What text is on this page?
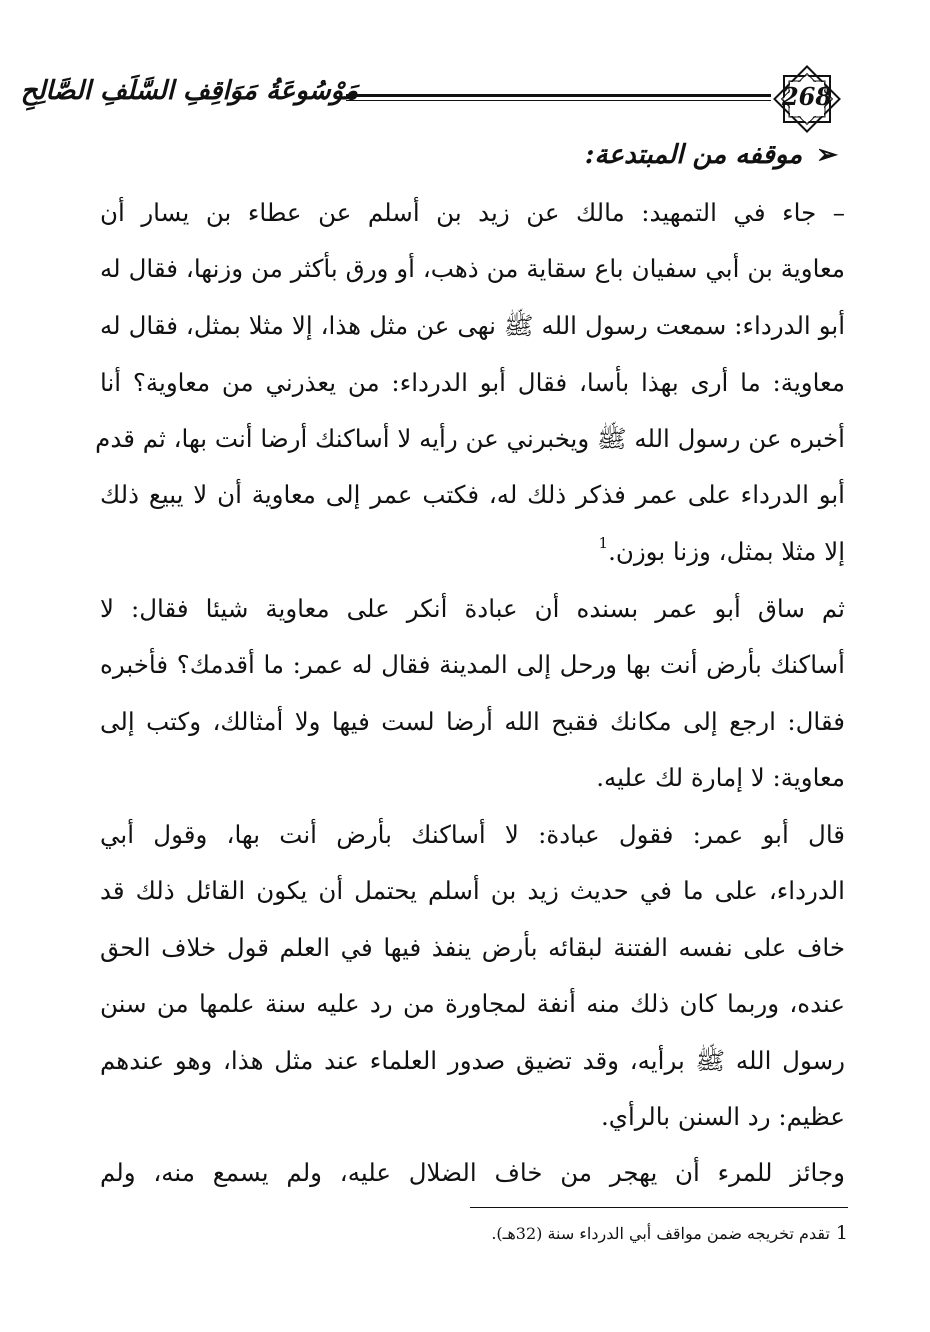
مَوْسُوعَةُ مَوَاقِفِ السَّلَفِ الصَّالِحِ	268
➢موقفه من المبتدعة:
– جاء في التمهيد: مالك عن زيد بن أسلم عن عطاء بن يسار أن
معاوية بن أبي سفيان باع سقاية من ذهب، أو ورق بأكثر من وزنها، فقال له
أبو الدرداء: سمعت رسول الله ﷺ نهى عن مثل هذا، إلا مثلا بمثل، فقال له
معاوية: ما أرى بهذا بأسا، فقال أبو الدرداء: من يعذرني من معاوية؟ أنا
أخبره عن رسول الله ﷺ ويخبرني عن رأيه لا أساكنك أرضا أنت بها، ثم قدم
أبو الدرداء على عمر فذكر ذلك له، فكتب عمر إلى معاوية أن لا يبيع ذلك
إلا مثلا بمثل، وزنا بوزن.$^1$
ثم ساق أبو عمر بسنده أن عبادة أنكر على معاوية شيئا فقال: لا
أساكنك بأرض أنت بها ورحل إلى المدينة فقال له عمر: ما أقدمك؟ فأخبره
فقال: ارجع إلى مكانك فقبح الله أرضا لست فيها ولا أمثالك، وكتب إلى
معاوية: لا إمارة لك عليه.
قال أبو عمر: فقول عبادة: لا أساكنك بأرض أنت بها، وقول أبي
الدرداء، على ما في حديث زيد بن أسلم يحتمل أن يكون القائل ذلك قد
خاف على نفسه الفتنة لبقائه بأرض ينفذ فيها في العلم قول خلاف الحق
عنده، وربما كان ذلك منه أنفة لمجاورة من رد عليه سنة علمها من سنن
رسول الله ﷺ برأيه، وقد تضيق صدور العلماء عند مثل هذا، وهو عندهم
عظيم: رد السنن بالرأي.
وجائز للمرء أن يهجر من خاف الضلال عليه، ولم يسمع منه، ولم
1تقدم تخريجه ضمن مواقف أبي الدرداء سنة (32هـ).
